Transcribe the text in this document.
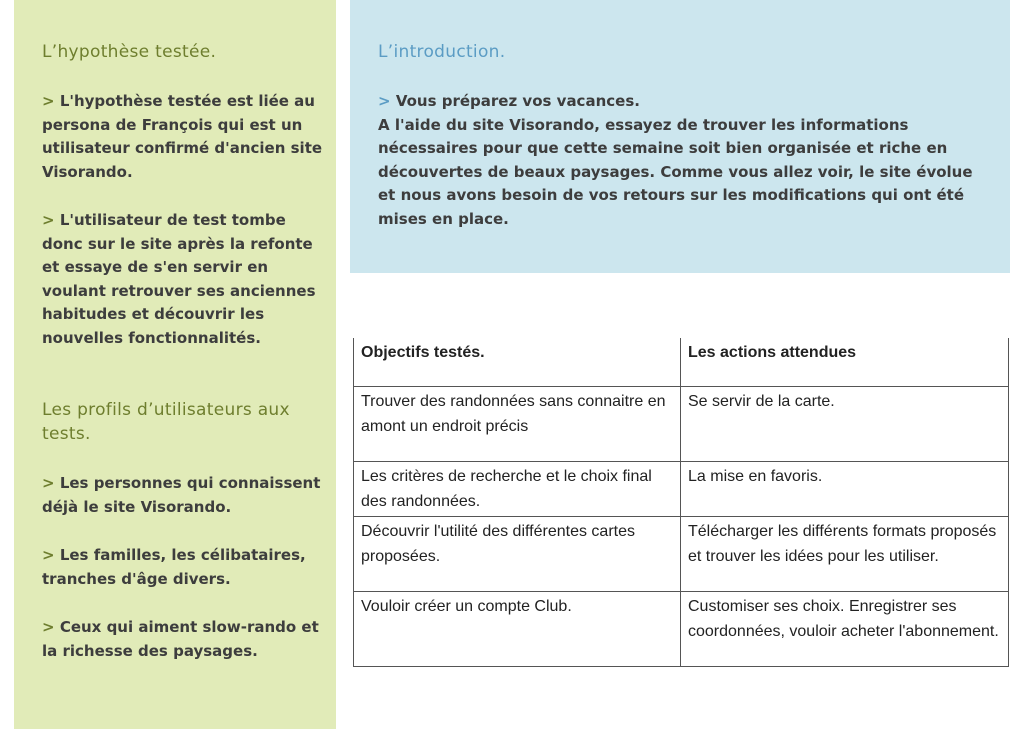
L’hypothèse testée.

> L'hypothèse testée est liée au persona de François qui est un utilisateur confirmé d'ancien site Visorando.

> L'utilisateur de test tombe donc sur le site après la refonte et essaye de s'en servir en voulant retrouver ses anciennes habitudes et découvrir les nouvelles fonctionnalités.

Les profils d’utilisateurs aux tests.

> Les personnes qui connaissent déjà le site Visorando.

> Les familles, les célibataires, tranches d'âge divers.

> Ceux qui aiment slow-rando et la richesse des paysages.

L’introduction.

> Vous préparez vos vacances.
A l'aide du site Visorando, essayez de trouver les informations nécessaires pour que cette semaine soit bien organisée et riche en découvertes de beaux paysages. Comme vous allez voir, le site évolue et nous avons besoin de vos retours sur les modifications qui ont été mises en place.

Objectifs testés.	Les actions attendues
Trouver des randonnées sans connaitre en amont un endroit précis	Se servir de la carte.
Les critères de recherche et le choix final des randonnées.	La mise en favoris.
Découvrir l'utilité des différentes cartes proposées.	Télécharger les différents formats proposés et trouver les idées pour les utiliser.
Vouloir créer un compte Club.	Customiser ses choix. Enregistrer ses coordonnées, vouloir acheter l'abonnement.
